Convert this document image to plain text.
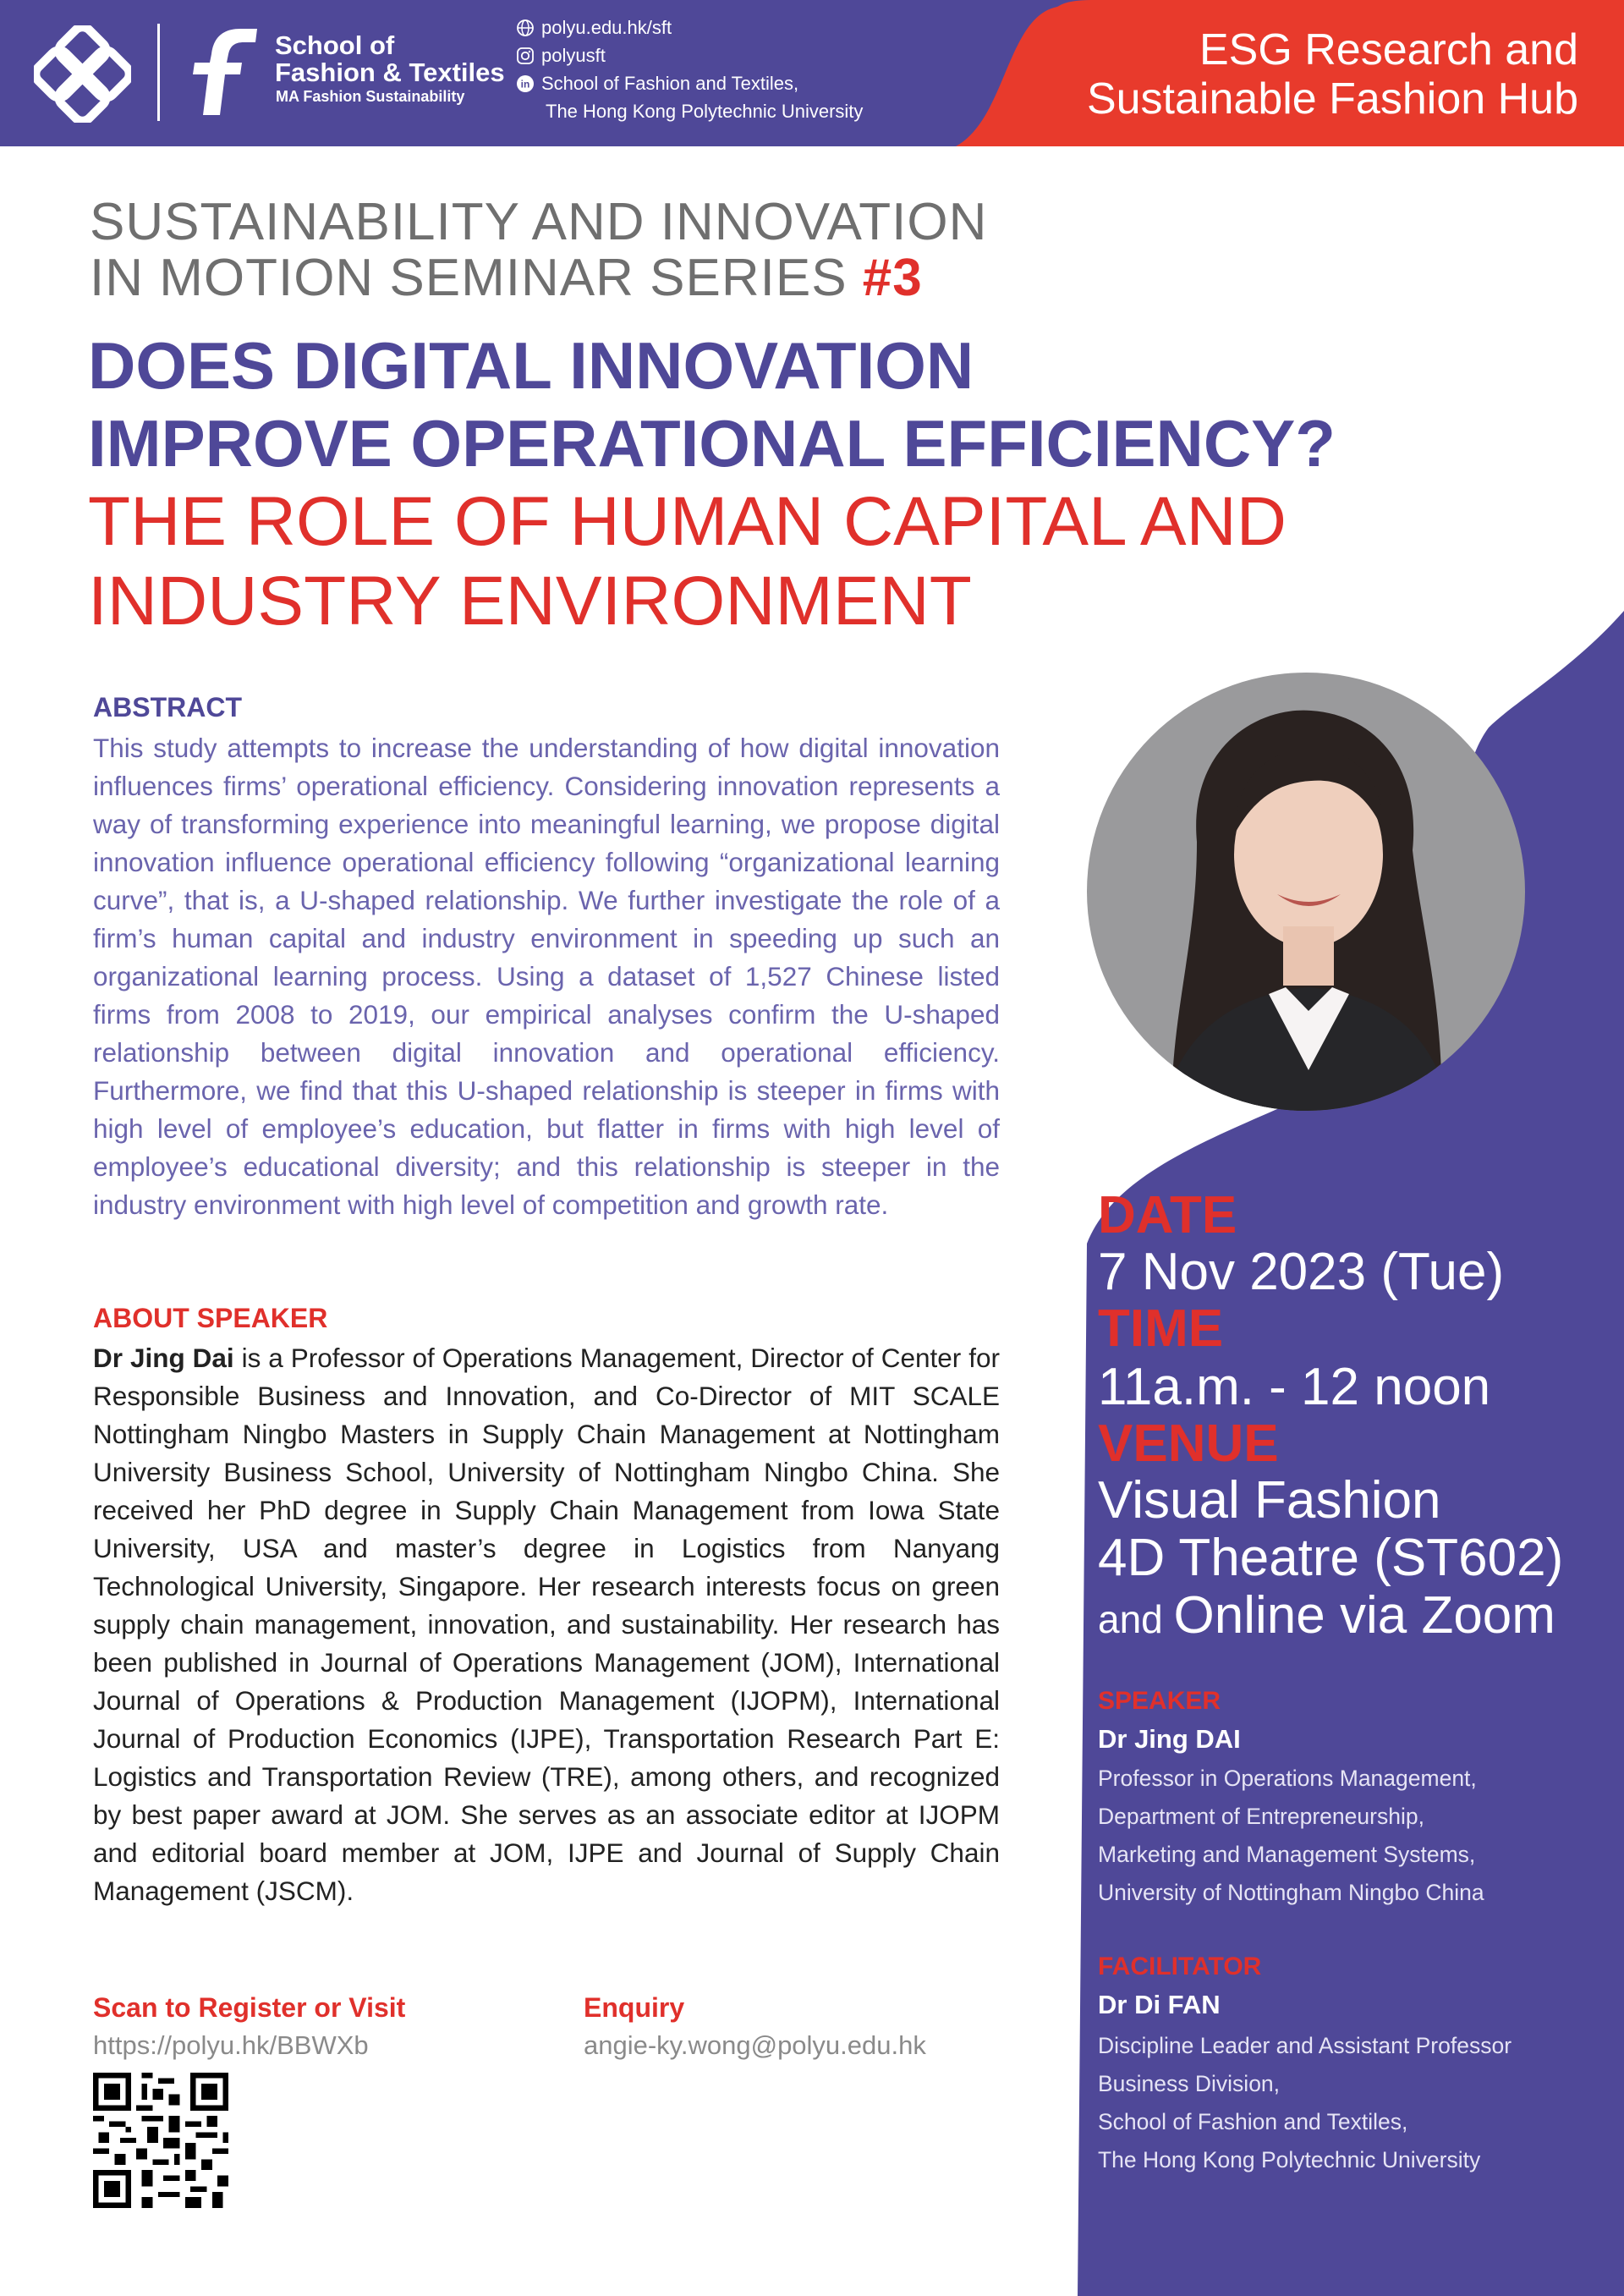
School of
Fashion & Textiles
MA Fashion Sustainability
polyu.edu.hk/sft
polyusft
in School of Fashion and Textiles,
The Hong Kong Polytechnic University
ESG Research and
Sustainable Fashion Hub
SUSTAINABILITY AND INNOVATION
IN MOTION SEMINAR SERIES #3
DOES DIGITAL INNOVATION
IMPROVE OPERATIONAL EFFICIENCY?
THE ROLE OF HUMAN CAPITAL AND
INDUSTRY ENVIRONMENT
ABSTRACT
This study attempts to increase the understanding of how digital innovation influences firms’ operational efficiency. Considering innovation represents a way of transforming experience into meaningful learning, we propose digital innovation influence operational efficiency following “organizational learning curve”, that is, a U-shaped relationship. We further investigate the role of a firm’s human capital and industry environment in speeding up such an organizational learning process. Using a dataset of 1,527 Chinese listed firms from 2008 to 2019, our empirical analyses confirm the U-shaped relationship between digital innovation and operational efficiency. Furthermore, we find that this U-shaped relationship is steeper in firms with high level of employee’s education, but flatter in firms with high level of employee’s educational diversity; and this relationship is steeper in the industry environment with high level of competition and growth rate.
ABOUT SPEAKER
Dr Jing Dai is a Professor of Operations Management, Director of Center for Responsible Business and Innovation, and Co-Director of MIT SCALE Nottingham Ningbo Masters in Supply Chain Management at Nottingham University Business School, University of Nottingham Ningbo China. She received her PhD degree in Supply Chain Management from Iowa State University, USA and master’s degree in Logistics from Nanyang Technological University, Singapore. Her research interests focus on green supply chain management, innovation, and sustainability. Her research has been published in Journal of Operations Management (JOM), International Journal of Operations & Production Management (IJOPM), International Journal of Production Economics (IJPE), Transportation Research Part E: Logistics and Transportation Review (TRE), among others, and recognized by best paper award at JOM. She serves as an associate editor at IJOPM and editorial board member at JOM, IJPE and Journal of Supply Chain Management (JSCM).
Scan to Register or Visit
https://polyu.hk/BBWXb
Enquiry
angie-ky.wong@polyu.edu.hk
DATE
7 Nov 2023 (Tue)
TIME
11a.m. - 12 noon
VENUE
Visual Fashion
4D Theatre (ST602)
and Online via Zoom
SPEAKER
Dr Jing DAI
Professor in Operations Management,
Department of Entrepreneurship,
Marketing and Management Systems,
University of Nottingham Ningbo China
FACILITATOR
Dr Di FAN
Discipline Leader and Assistant Professor
Business Division,
School of Fashion and Textiles,
The Hong Kong Polytechnic University
